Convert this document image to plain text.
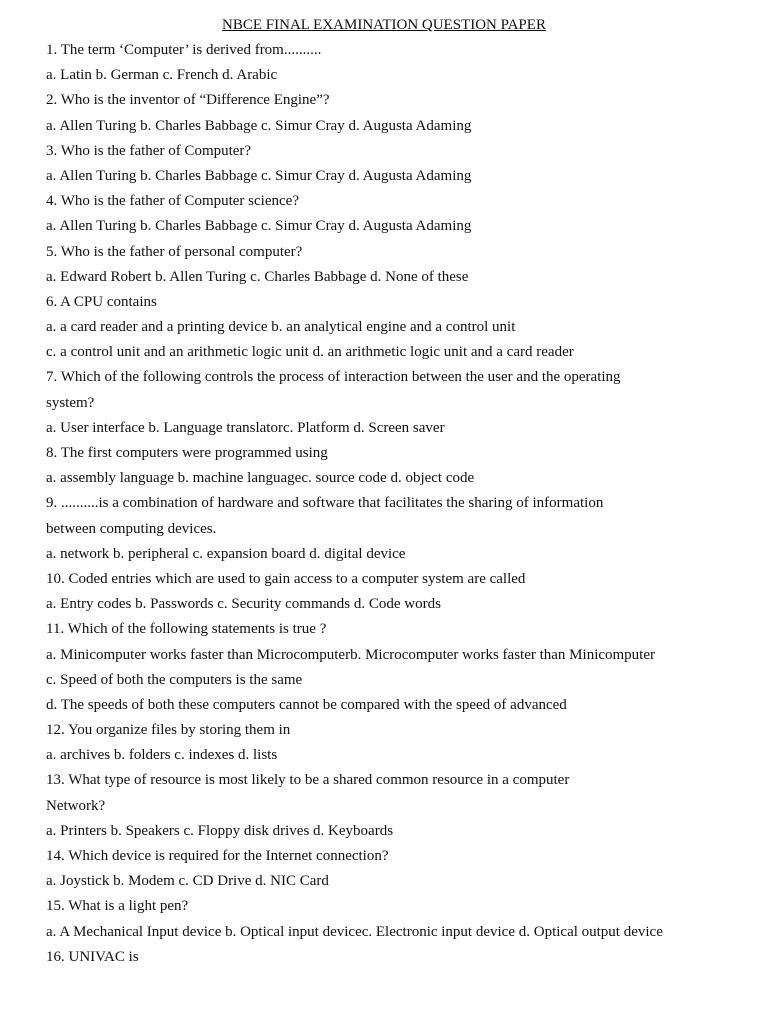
NBCE FINAL EXAMINATION QUESTION PAPER
1. The term ‘Computer’ is derived from..........
a. Latin b. German c. French d. Arabic
2. Who is the inventor of “Difference Engine”?
a. Allen Turing b. Charles Babbage c. Simur Cray d. Augusta Adaming
3. Who is the father of Computer?
a. Allen Turing b. Charles Babbage c. Simur Cray d. Augusta Adaming
4. Who is the father of Computer science?
a. Allen Turing b. Charles Babbage c. Simur Cray d. Augusta Adaming
5. Who is the father of personal computer?
a. Edward Robert b. Allen Turing c. Charles Babbage d. None of these
6. A CPU contains
a. a card reader and a printing device b. an analytical engine and a control unit
c. a control unit and an arithmetic logic unit d. an arithmetic logic unit and a card reader
7. Which of the following controls the process of interaction between the user and the operating
system?
a. User interface b. Language translatorc. Platform d. Screen saver
8. The first computers were programmed using
a. assembly language b. machine languagec. source code d. object code
9. ..........is a combination of hardware and software that facilitates the sharing of information
between computing devices.
a. network b. peripheral c. expansion board d. digital device
10. Coded entries which are used to gain access to a computer system are called
a. Entry codes b. Passwords c. Security commands d. Code words
11. Which of the following statements is true ?
a. Minicomputer works faster than Microcomputerb. Microcomputer works faster than Minicomputer
c. Speed of both the computers is the same
d. The speeds of both these computers cannot be compared with the speed of advanced
12. You organize files by storing them in
a. archives b. folders c. indexes d. lists
13. What type of resource is most likely to be a shared common resource in a computer
Network?
a. Printers b. Speakers c. Floppy disk drives d. Keyboards
14. Which device is required for the Internet connection?
a. Joystick b. Modem c. CD Drive d. NIC Card
15. What is a light pen?
a. A Mechanical Input device b. Optical input devicec. Electronic input device d. Optical output device
16. UNIVAC is
